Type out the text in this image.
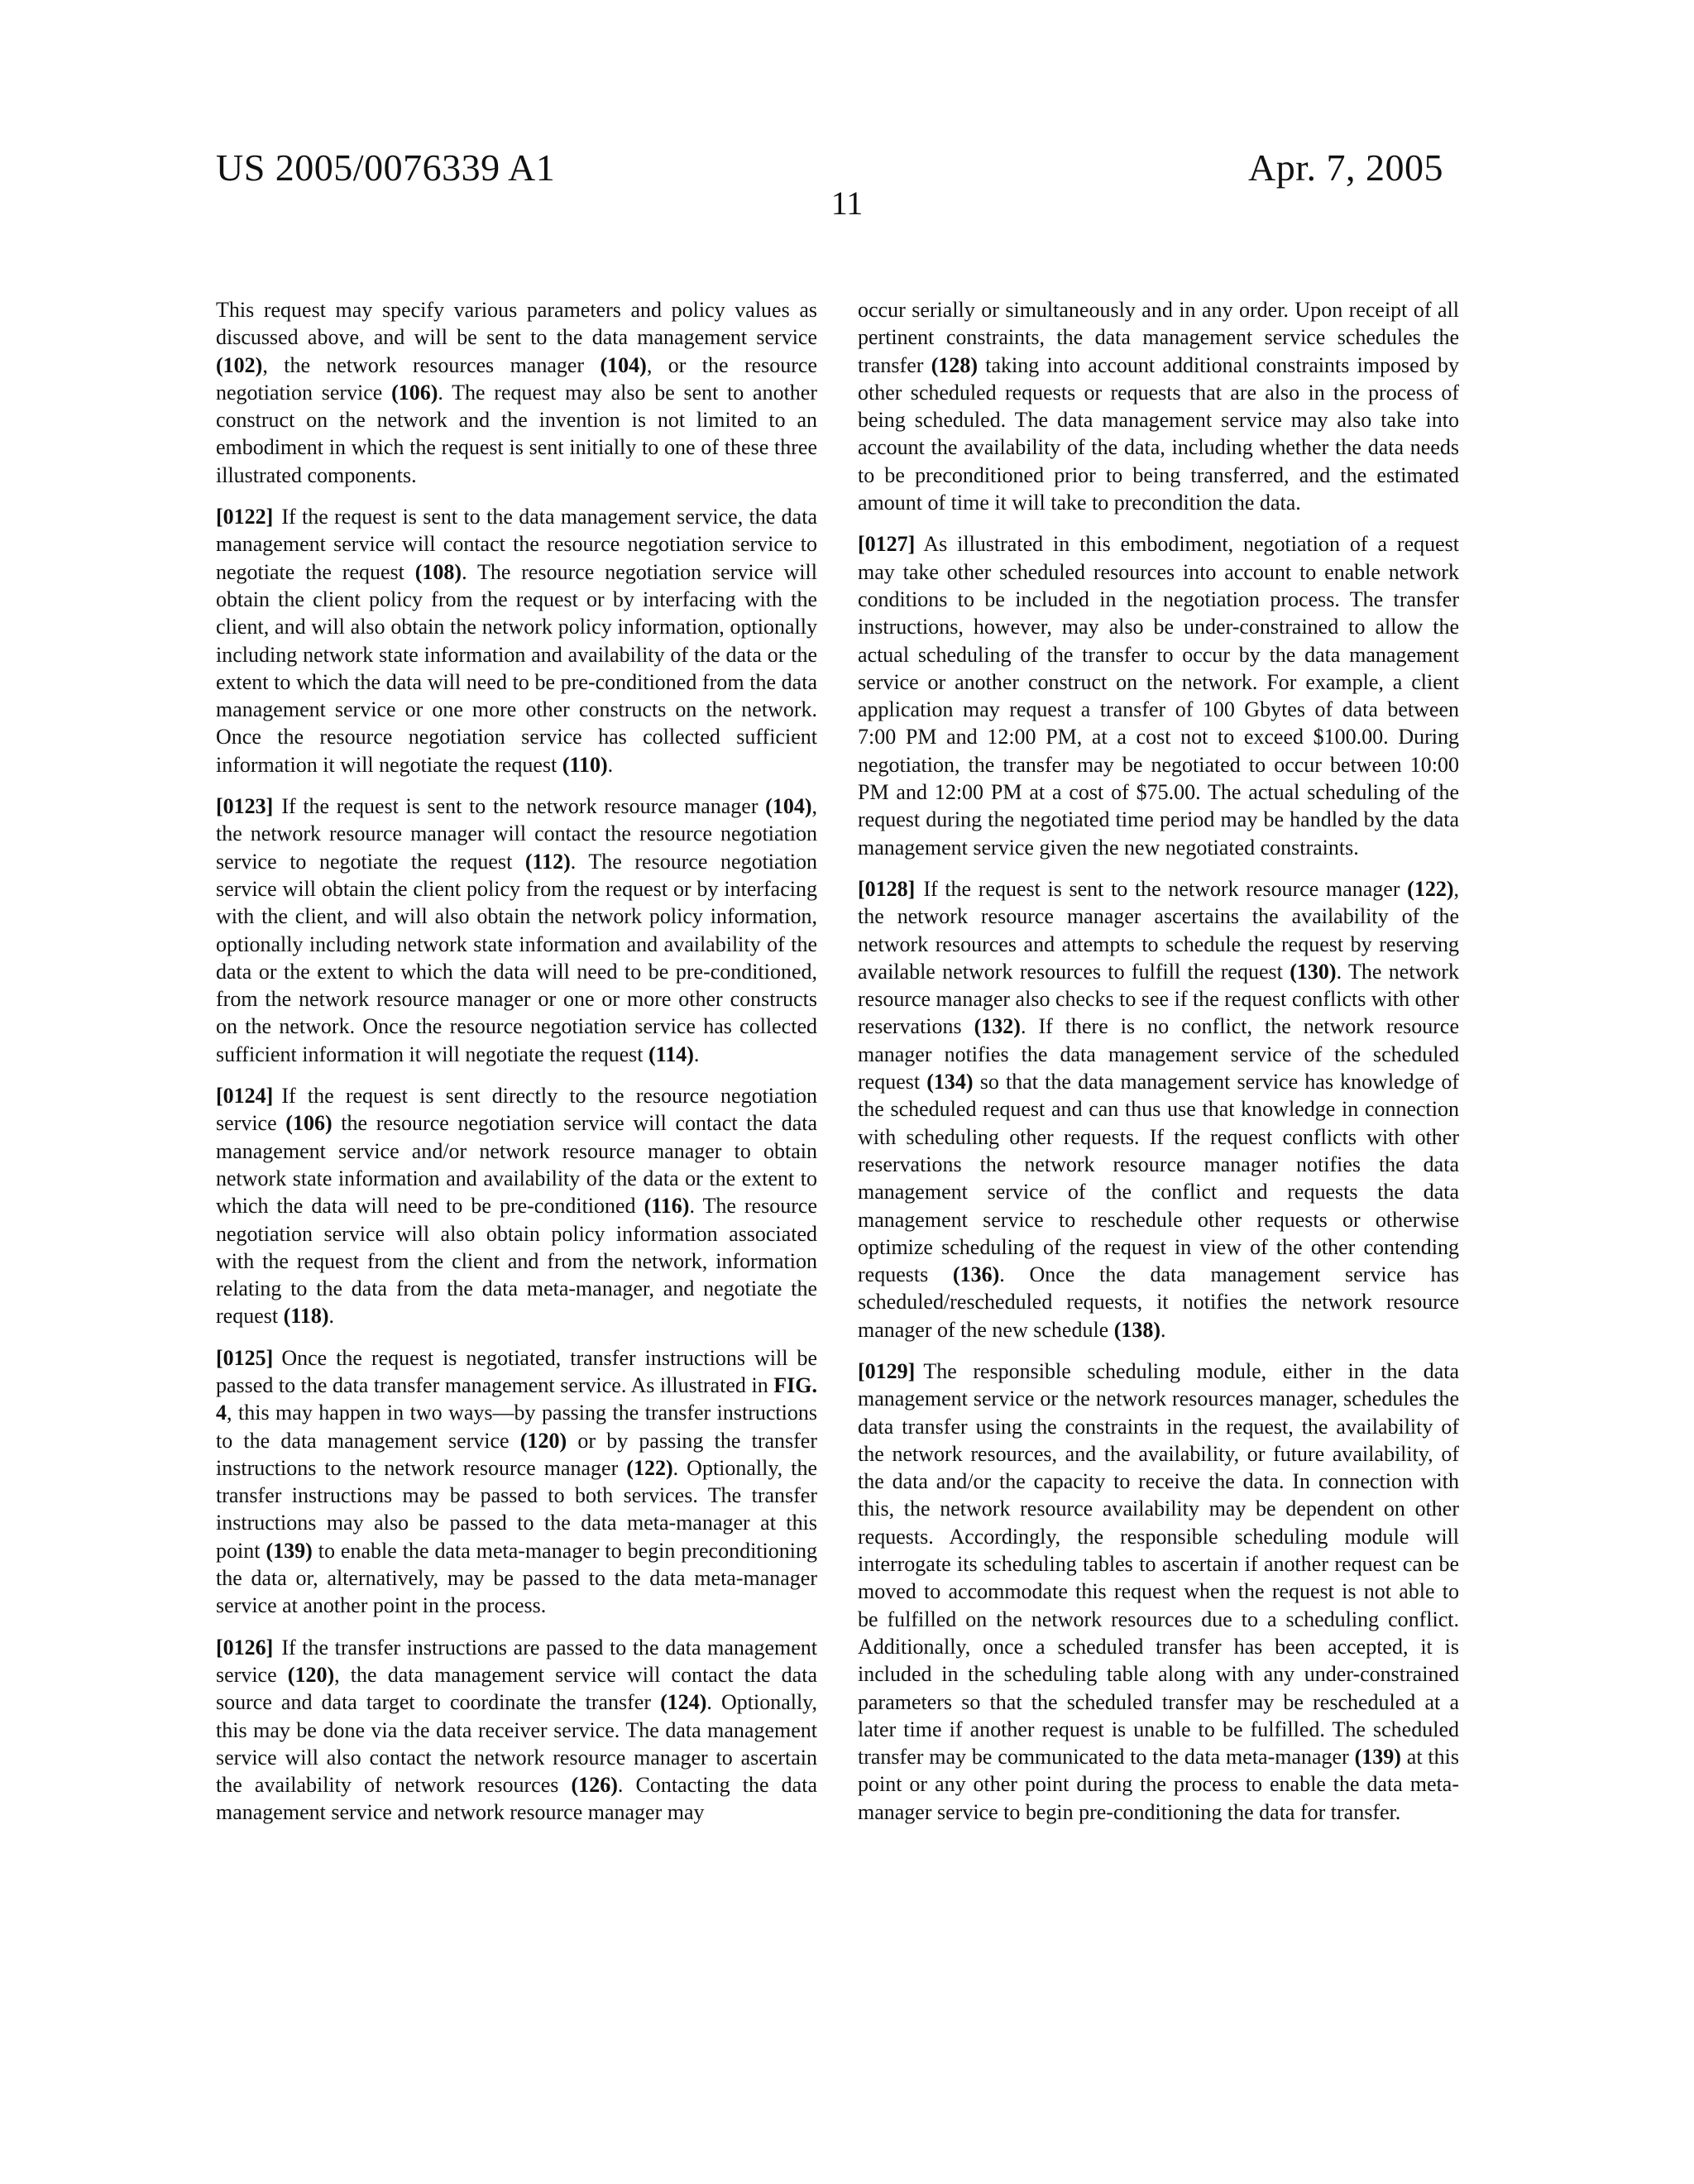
US 2005/0076339 A1	Apr. 7, 2005
11

This request may specify various parameters and policy values as discussed above, and will be sent to the data management service (102), the network resources manager (104), or the resource negotiation service (106). The request may also be sent to another construct on the network and the invention is not limited to an embodiment in which the request is sent initially to one of these three illustrated components.

[0122] If the request is sent to the data management service, the data management service will contact the resource negotiation service to negotiate the request (108). The resource negotiation service will obtain the client policy from the request or by interfacing with the client, and will also obtain the network policy information, optionally including network state information and availability of the data or the extent to which the data will need to be pre-conditioned from the data management service or one more other constructs on the network. Once the resource negotiation service has collected sufficient information it will negotiate the request (110).

[0123] If the request is sent to the network resource manager (104), the network resource manager will contact the resource negotiation service to negotiate the request (112). The resource negotiation service will obtain the client policy from the request or by interfacing with the client, and will also obtain the network policy information, optionally including network state information and availability of the data or the extent to which the data will need to be pre-conditioned, from the network resource manager or one or more other constructs on the network. Once the resource negotiation service has collected sufficient information it will negotiate the request (114).

[0124] If the request is sent directly to the resource negotiation service (106) the resource negotiation service will contact the data management service and/or network resource manager to obtain network state information and availability of the data or the extent to which the data will need to be pre-conditioned (116). The resource negotiation service will also obtain policy information associated with the request from the client and from the network, information relating to the data from the data meta-manager, and negotiate the request (118).

[0125] Once the request is negotiated, transfer instructions will be passed to the data transfer management service. As illustrated in FIG. 4, this may happen in two ways—by passing the transfer instructions to the data management service (120) or by passing the transfer instructions to the network resource manager (122). Optionally, the transfer instructions may be passed to both services. The transfer instructions may also be passed to the data meta-manager at this point (139) to enable the data meta-manager to begin preconditioning the data or, alternatively, may be passed to the data meta-manager service at another point in the process.

[0126] If the transfer instructions are passed to the data management service (120), the data management service will contact the data source and data target to coordinate the transfer (124). Optionally, this may be done via the data receiver service. The data management service will also contact the network resource manager to ascertain the availability of network resources (126). Contacting the data management service and network resource manager may

occur serially or simultaneously and in any order. Upon receipt of all pertinent constraints, the data management service schedules the transfer (128) taking into account additional constraints imposed by other scheduled requests or requests that are also in the process of being scheduled. The data management service may also take into account the availability of the data, including whether the data needs to be preconditioned prior to being transferred, and the estimated amount of time it will take to precondition the data.

[0127] As illustrated in this embodiment, negotiation of a request may take other scheduled resources into account to enable network conditions to be included in the negotiation process. The transfer instructions, however, may also be under-constrained to allow the actual scheduling of the transfer to occur by the data management service or another construct on the network. For example, a client application may request a transfer of 100 Gbytes of data between 7:00 PM and 12:00 PM, at a cost not to exceed $100.00. During negotiation, the transfer may be negotiated to occur between 10:00 PM and 12:00 PM at a cost of $75.00. The actual scheduling of the request during the negotiated time period may be handled by the data management service given the new negotiated constraints.

[0128] If the request is sent to the network resource manager (122), the network resource manager ascertains the availability of the network resources and attempts to schedule the request by reserving available network resources to fulfill the request (130). The network resource manager also checks to see if the request conflicts with other reservations (132). If there is no conflict, the network resource manager notifies the data management service of the scheduled request (134) so that the data management service has knowledge of the scheduled request and can thus use that knowledge in connection with scheduling other requests. If the request conflicts with other reservations the network resource manager notifies the data management service of the conflict and requests the data management service to reschedule other requests or otherwise optimize scheduling of the request in view of the other contending requests (136). Once the data management service has scheduled/rescheduled requests, it notifies the network resource manager of the new schedule (138).

[0129] The responsible scheduling module, either in the data management service or the network resources manager, schedules the data transfer using the constraints in the request, the availability of the network resources, and the availability, or future availability, of the data and/or the capacity to receive the data. In connection with this, the network resource availability may be dependent on other requests. Accordingly, the responsible scheduling module will interrogate its scheduling tables to ascertain if another request can be moved to accommodate this request when the request is not able to be fulfilled on the network resources due to a scheduling conflict. Additionally, once a scheduled transfer has been accepted, it is included in the scheduling table along with any under-constrained parameters so that the scheduled transfer may be rescheduled at a later time if another request is unable to be fulfilled. The scheduled transfer may be communicated to the data meta-manager (139) at this point or any other point during the process to enable the data meta-manager service to begin pre-conditioning the data for transfer.
